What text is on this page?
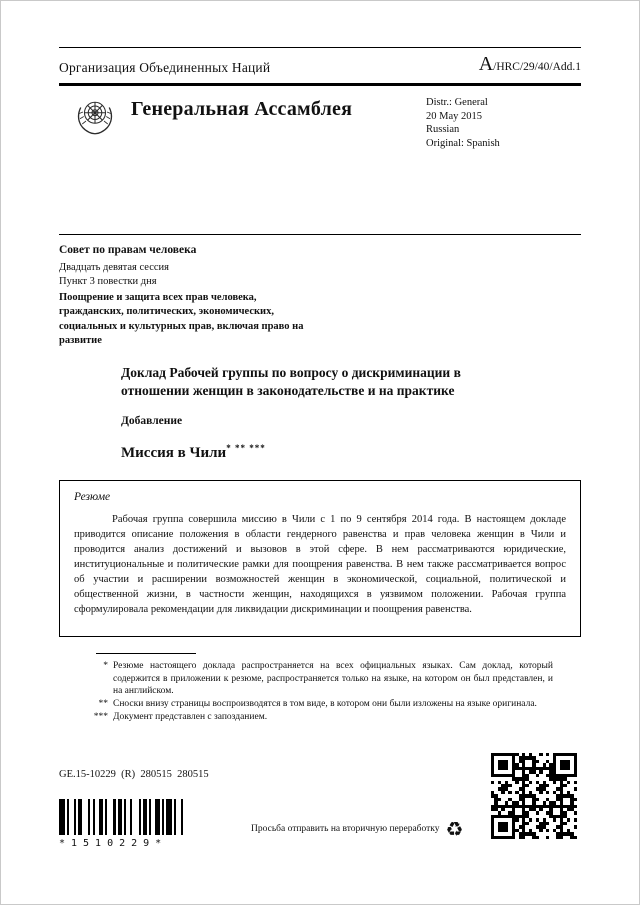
Организация Объединенных Наций	A/HRC/29/40/Add.1
Генеральная Ассамблея	Distr.: General
20 May 2015
Russian
Original: Spanish
Совет по правам человека
Двадцать девятая сессия
Пункт 3 повестки дня
Поощрение и защита всех прав человека, гражданских, политических, экономических, социальных и культурных прав, включая право на развитие
Доклад Рабочей группы по вопросу о дискриминации в отношении женщин в законодательстве и на практике
Добавление
Миссия в Чили* ** ***
Резюме
Рабочая группа совершила миссию в Чили с 1 по 9 сентября 2014 года. В настоящем докладе приводится описание положения в области гендерного равенства и прав человека женщин в Чили и проводится анализ достижений и вызовов в этой сфере. В нем рассматриваются юридические, институциональные и политические рамки для поощрения равенства. В нем также рассматривается вопрос об участии и расширении возможностей женщин в экономической, социальной, политической и общественной жизни, в частности женщин, находящихся в уязвимом положении. Рабочая группа сформулировала рекомендации для ликвидации дискриминации и поощрения равенства.
* Резюме настоящего доклада распространяется на всех официальных языках. Сам доклад, который содержится в приложении к резюме, распространяется только на языке, на котором он был представлен, и на английском.
** Сноски внизу страницы воспроизводятся в том виде, в котором они были изложены на языке оригинала.
*** Документ представлен с запозданием.
GE.15-10229  (R)  280515  280515
*1510229*
Просьба отправить на вторичную переработку ♻
